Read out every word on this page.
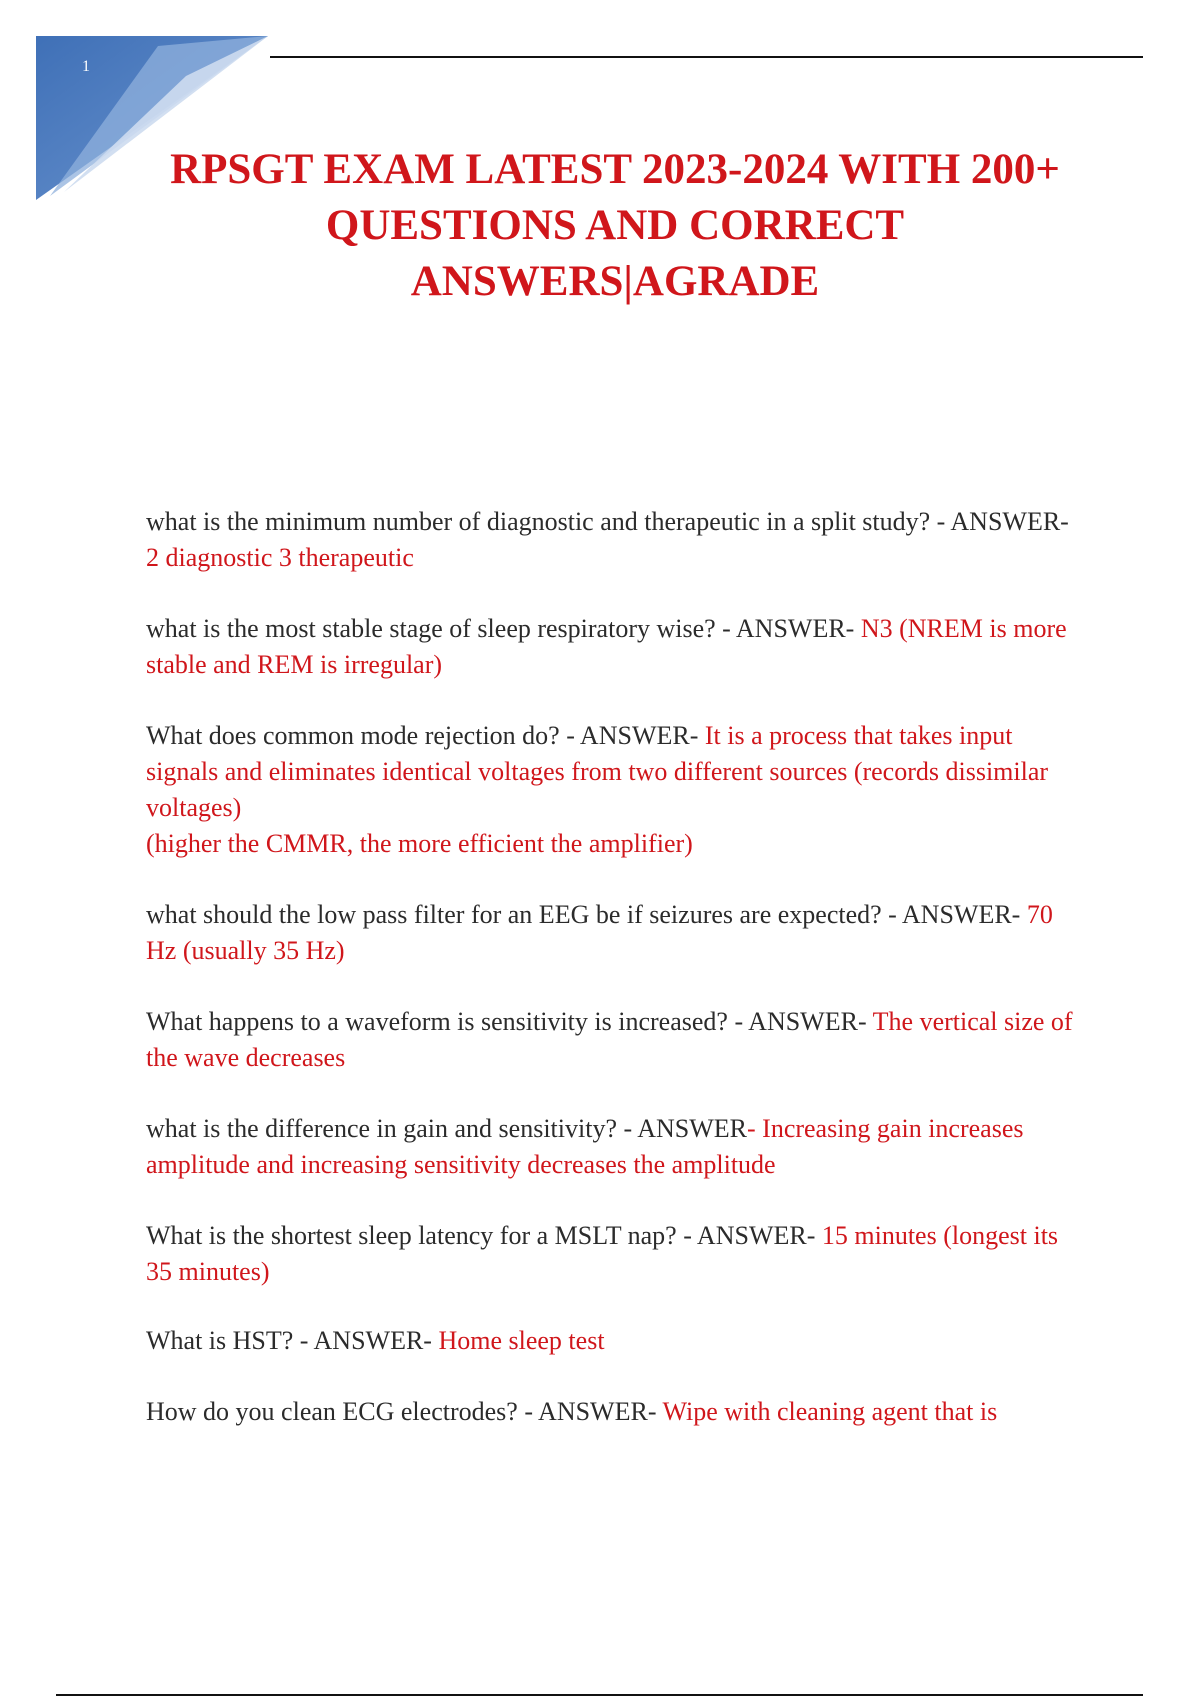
1
RPSGT EXAM LATEST 2023-2024 WITH 200+ QUESTIONS AND CORRECT ANSWERS|AGRADE
what is the minimum number of diagnostic and therapeutic in a split study? - ANSWER- 2 diagnostic 3 therapeutic
what is the most stable stage of sleep respiratory wise? - ANSWER- N3 (NREM is more stable and REM is irregular)
What does common mode rejection do? - ANSWER- It is a process that takes input signals and eliminates identical voltages from two different sources (records dissimilar voltages)
(higher the CMMR, the more efficient the amplifier)
what should the low pass filter for an EEG be if seizures are expected? - ANSWER- 70 Hz (usually 35 Hz)
What happens to a waveform is sensitivity is increased? - ANSWER- The vertical size of the wave decreases
what is the difference in gain and sensitivity? - ANSWER- Increasing gain increases amplitude and increasing sensitivity decreases the amplitude
What is the shortest sleep latency for a MSLT nap? - ANSWER- 15 minutes (longest its 35 minutes)
What is HST? - ANSWER- Home sleep test
How do you clean ECG electrodes? - ANSWER- Wipe with cleaning agent that is
